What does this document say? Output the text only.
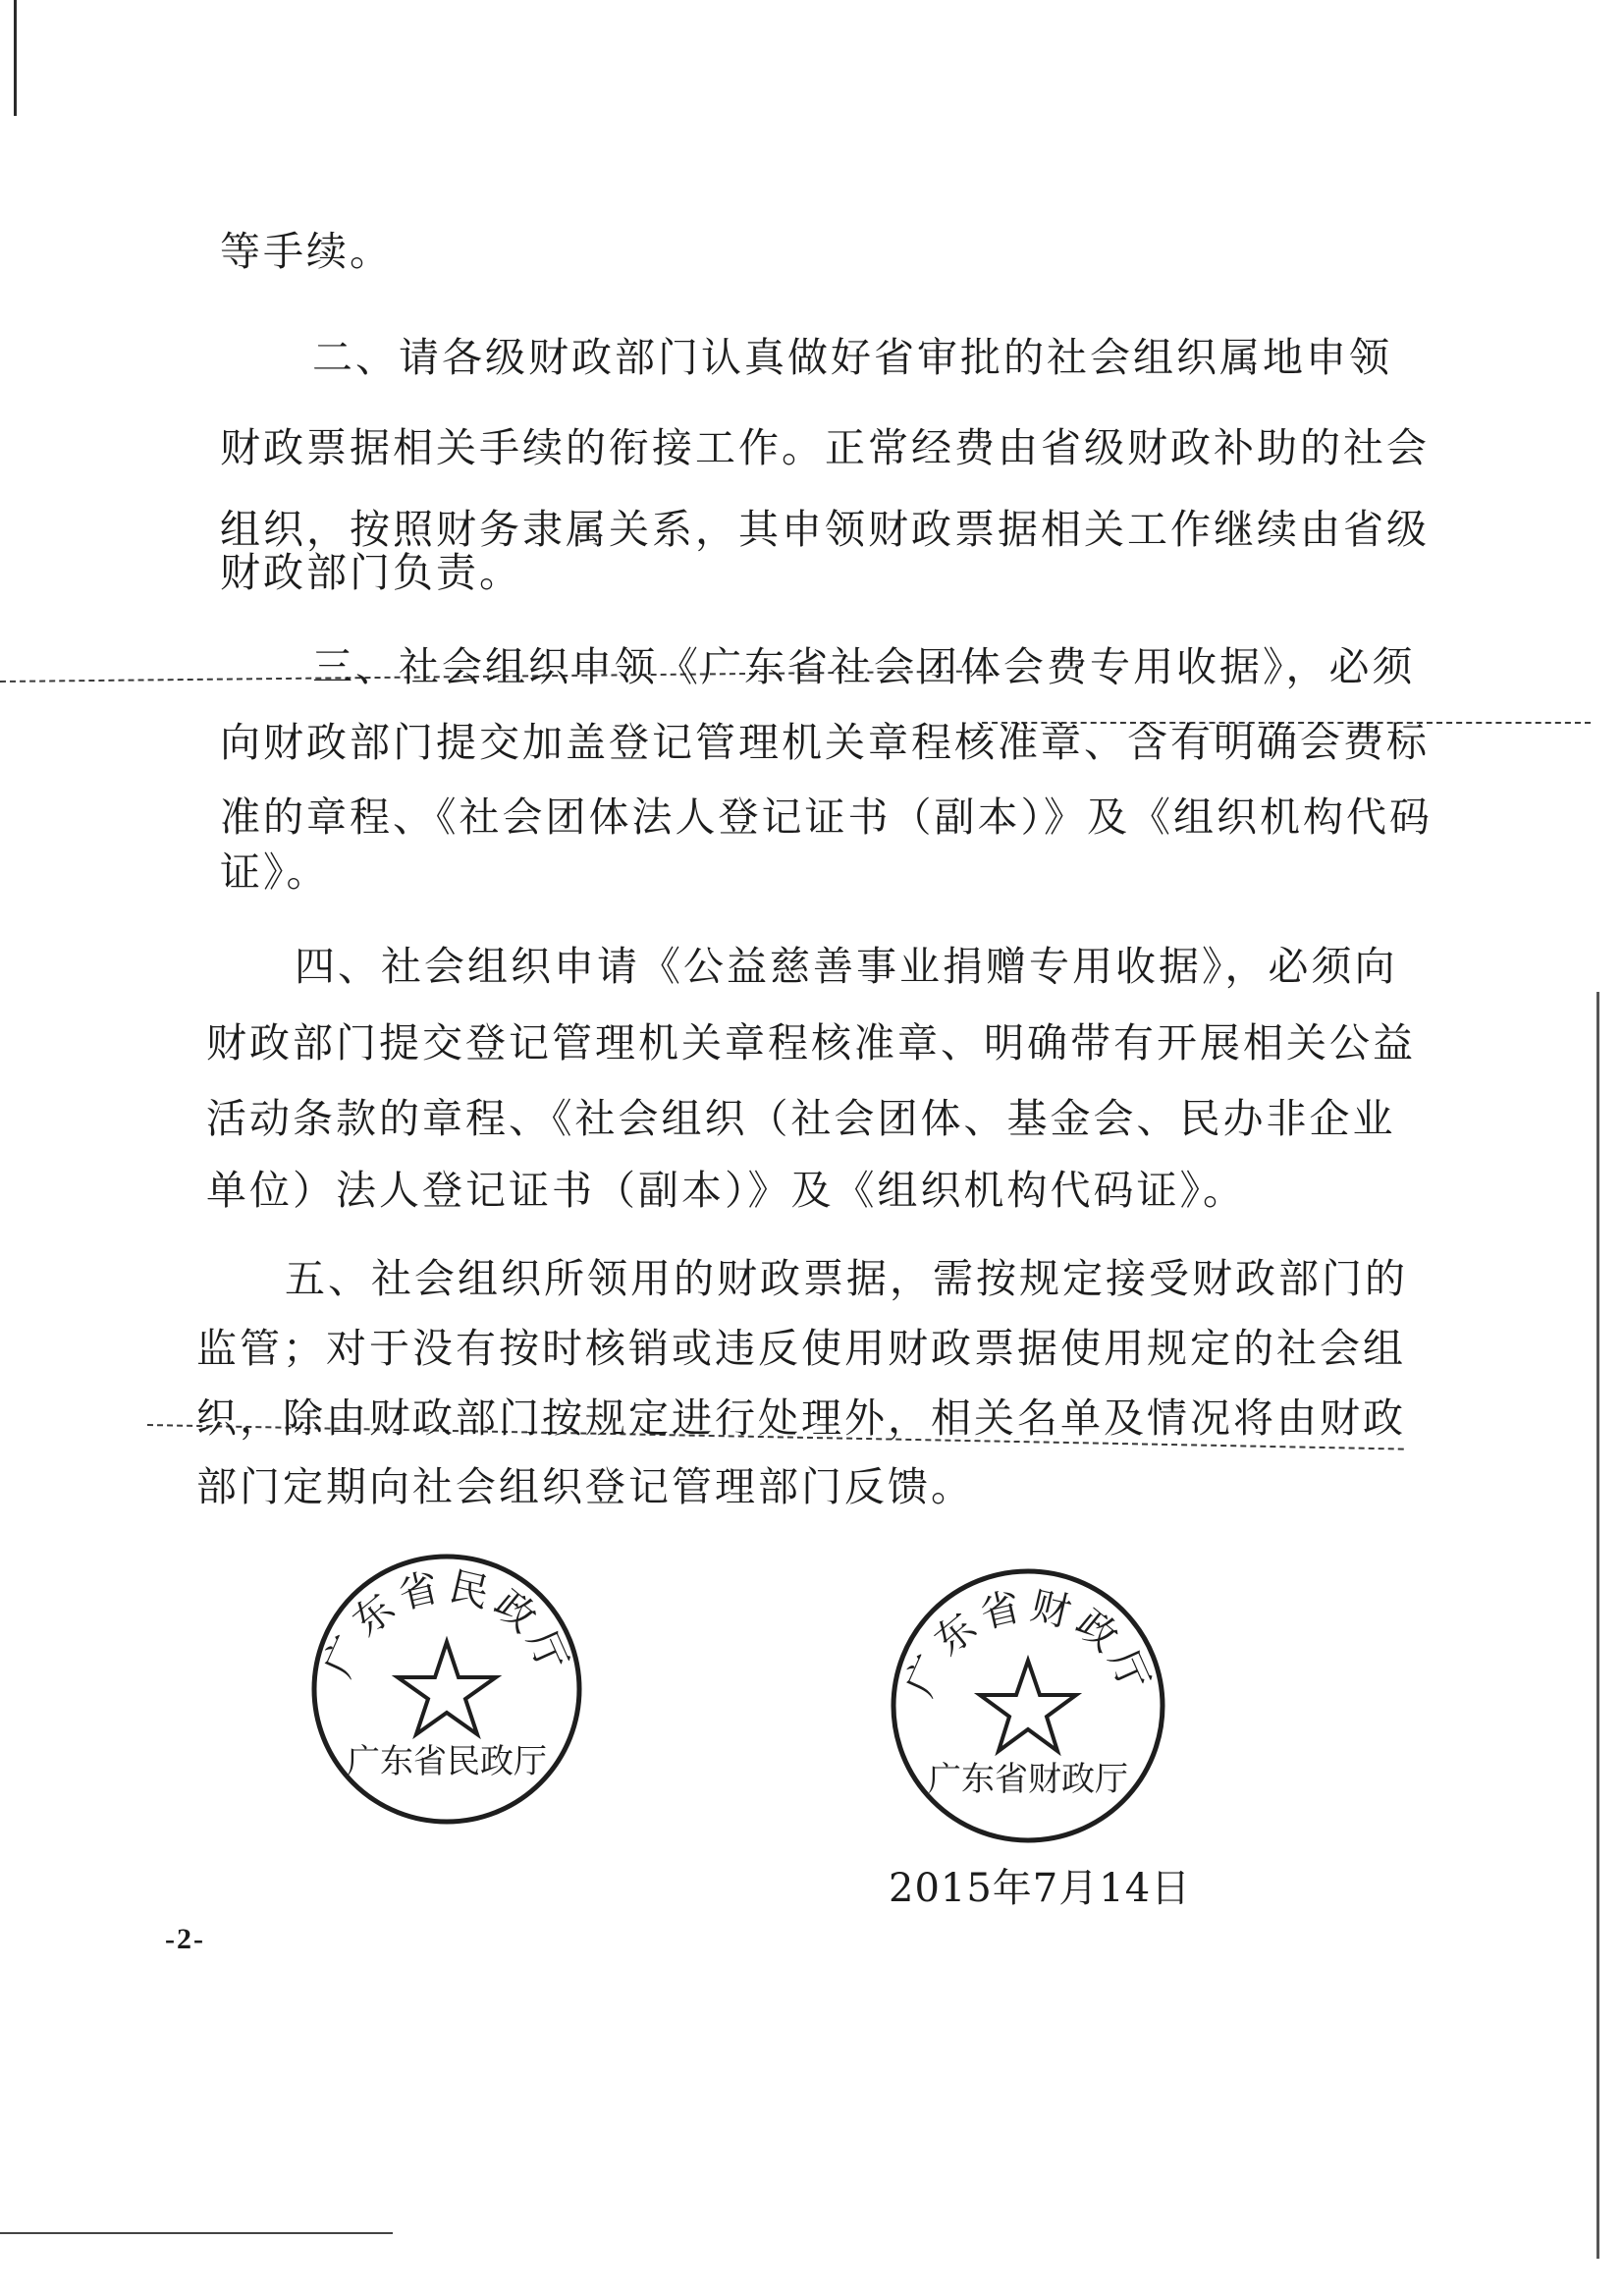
等手续。
二、请各级财政部门认真做好省审批的社会组织属地申领
财政票据相关手续的衔接工作。正常经费由省级财政补助的社会
组织，按照财务隶属关系，其申领财政票据相关工作继续由省级
财政部门负责。
三、社会组织申领《广东省社会团体会费专用收据》，必须
向财政部门提交加盖登记管理机关章程核准章、含有明确会费标
准的章程、《社会团体法人登记证书（副本）》及《组织机构代码
证》。
四、社会组织申请《公益慈善事业捐赠专用收据》，必须向
财政部门提交登记管理机关章程核准章、明确带有开展相关公益
活动条款的章程、《社会组织（社会团体、基金会、民办非企业
单位）法人登记证书（副本）》及《组织机构代码证》。
五、社会组织所领用的财政票据，需按规定接受财政部门的
监管；对于没有按时核销或违反使用财政票据使用规定的社会组
织，除由财政部门按规定进行处理外，相关名单及情况将由财政
部门定期向社会组织登记管理部门反馈。
广东省民政厅
广东省民政厅
广东省财政厅
广东省财政厅
2015年7月14日
-2-
